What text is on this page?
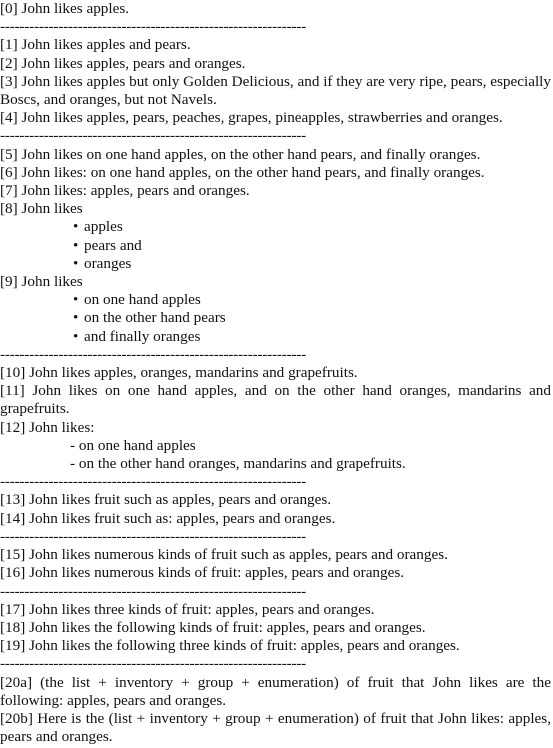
[0] John likes apples.

---------------------------------------------------------------

[1] John likes apples and pears.

[2] John likes apples, pears and oranges.

[3] John likes apples but only Golden Delicious, and if they are very ripe, pears, especially Boscs, and oranges, but not Navels.

[4] John likes apples, pears, peaches, grapes, pineapples, strawberries and oranges.

---------------------------------------------------------------

[5] John likes on one hand apples, on the other hand pears, and finally oranges.

[6] John likes: on one hand apples, on the other hand pears, and finally oranges.

[7] John likes: apples, pears and oranges.

[8] John likes

• apples

• pears and

• oranges

[9] John likes

• on one hand apples

• on the other hand pears

• and finally oranges

---------------------------------------------------------------

[10] John likes apples, oranges, mandarins and grapefruits.

[11] John likes on one hand apples, and on the other hand oranges, mandarins and grapefruits.

[12] John likes:

- on one hand apples

- on the other hand oranges, mandarins and grapefruits.

---------------------------------------------------------------

[13] John likes fruit such as apples, pears and oranges.

[14] John likes fruit such as: apples, pears and oranges.

---------------------------------------------------------------

[15] John likes numerous kinds of fruit such as apples, pears and oranges.

[16] John likes numerous kinds of fruit: apples, pears and oranges.

---------------------------------------------------------------

[17] John likes three kinds of fruit: apples, pears and oranges.

[18] John likes the following kinds of fruit: apples, pears and oranges.

[19] John likes the following three kinds of fruit: apples, pears and oranges.

---------------------------------------------------------------

[20a] (the list + inventory + group + enumeration) of fruit that John likes are the following: apples, pears and oranges.

[20b] Here is the (list + inventory + group + enumeration) of fruit that John likes: apples, pears and oranges.
